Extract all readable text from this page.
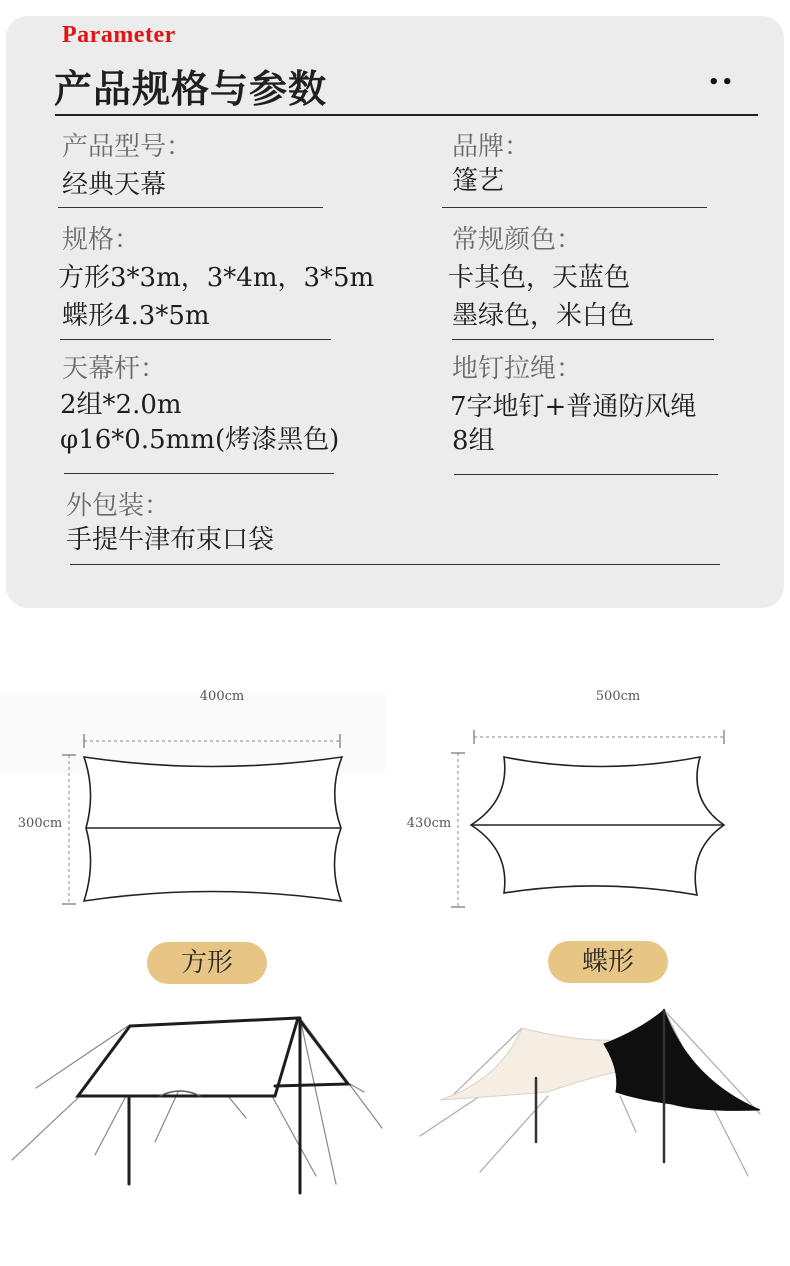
Parameter
产品规格与参数	••
产品型号：
经典天幕
品牌：
篷艺
规格：
方形3*3m，3*4m，3*5m
蝶形4.3*5m
常规颜色：
卡其色，天蓝色
墨绿色，米白色
天幕杆：
2组*2.0m
φ16*0.5mm(烤漆黑色)
地钉拉绳：
7字地钉+普通防风绳
8组
外包装：
手提牛津布束口袋
400cm
300cm
500cm
430cm
方形	蝶形
